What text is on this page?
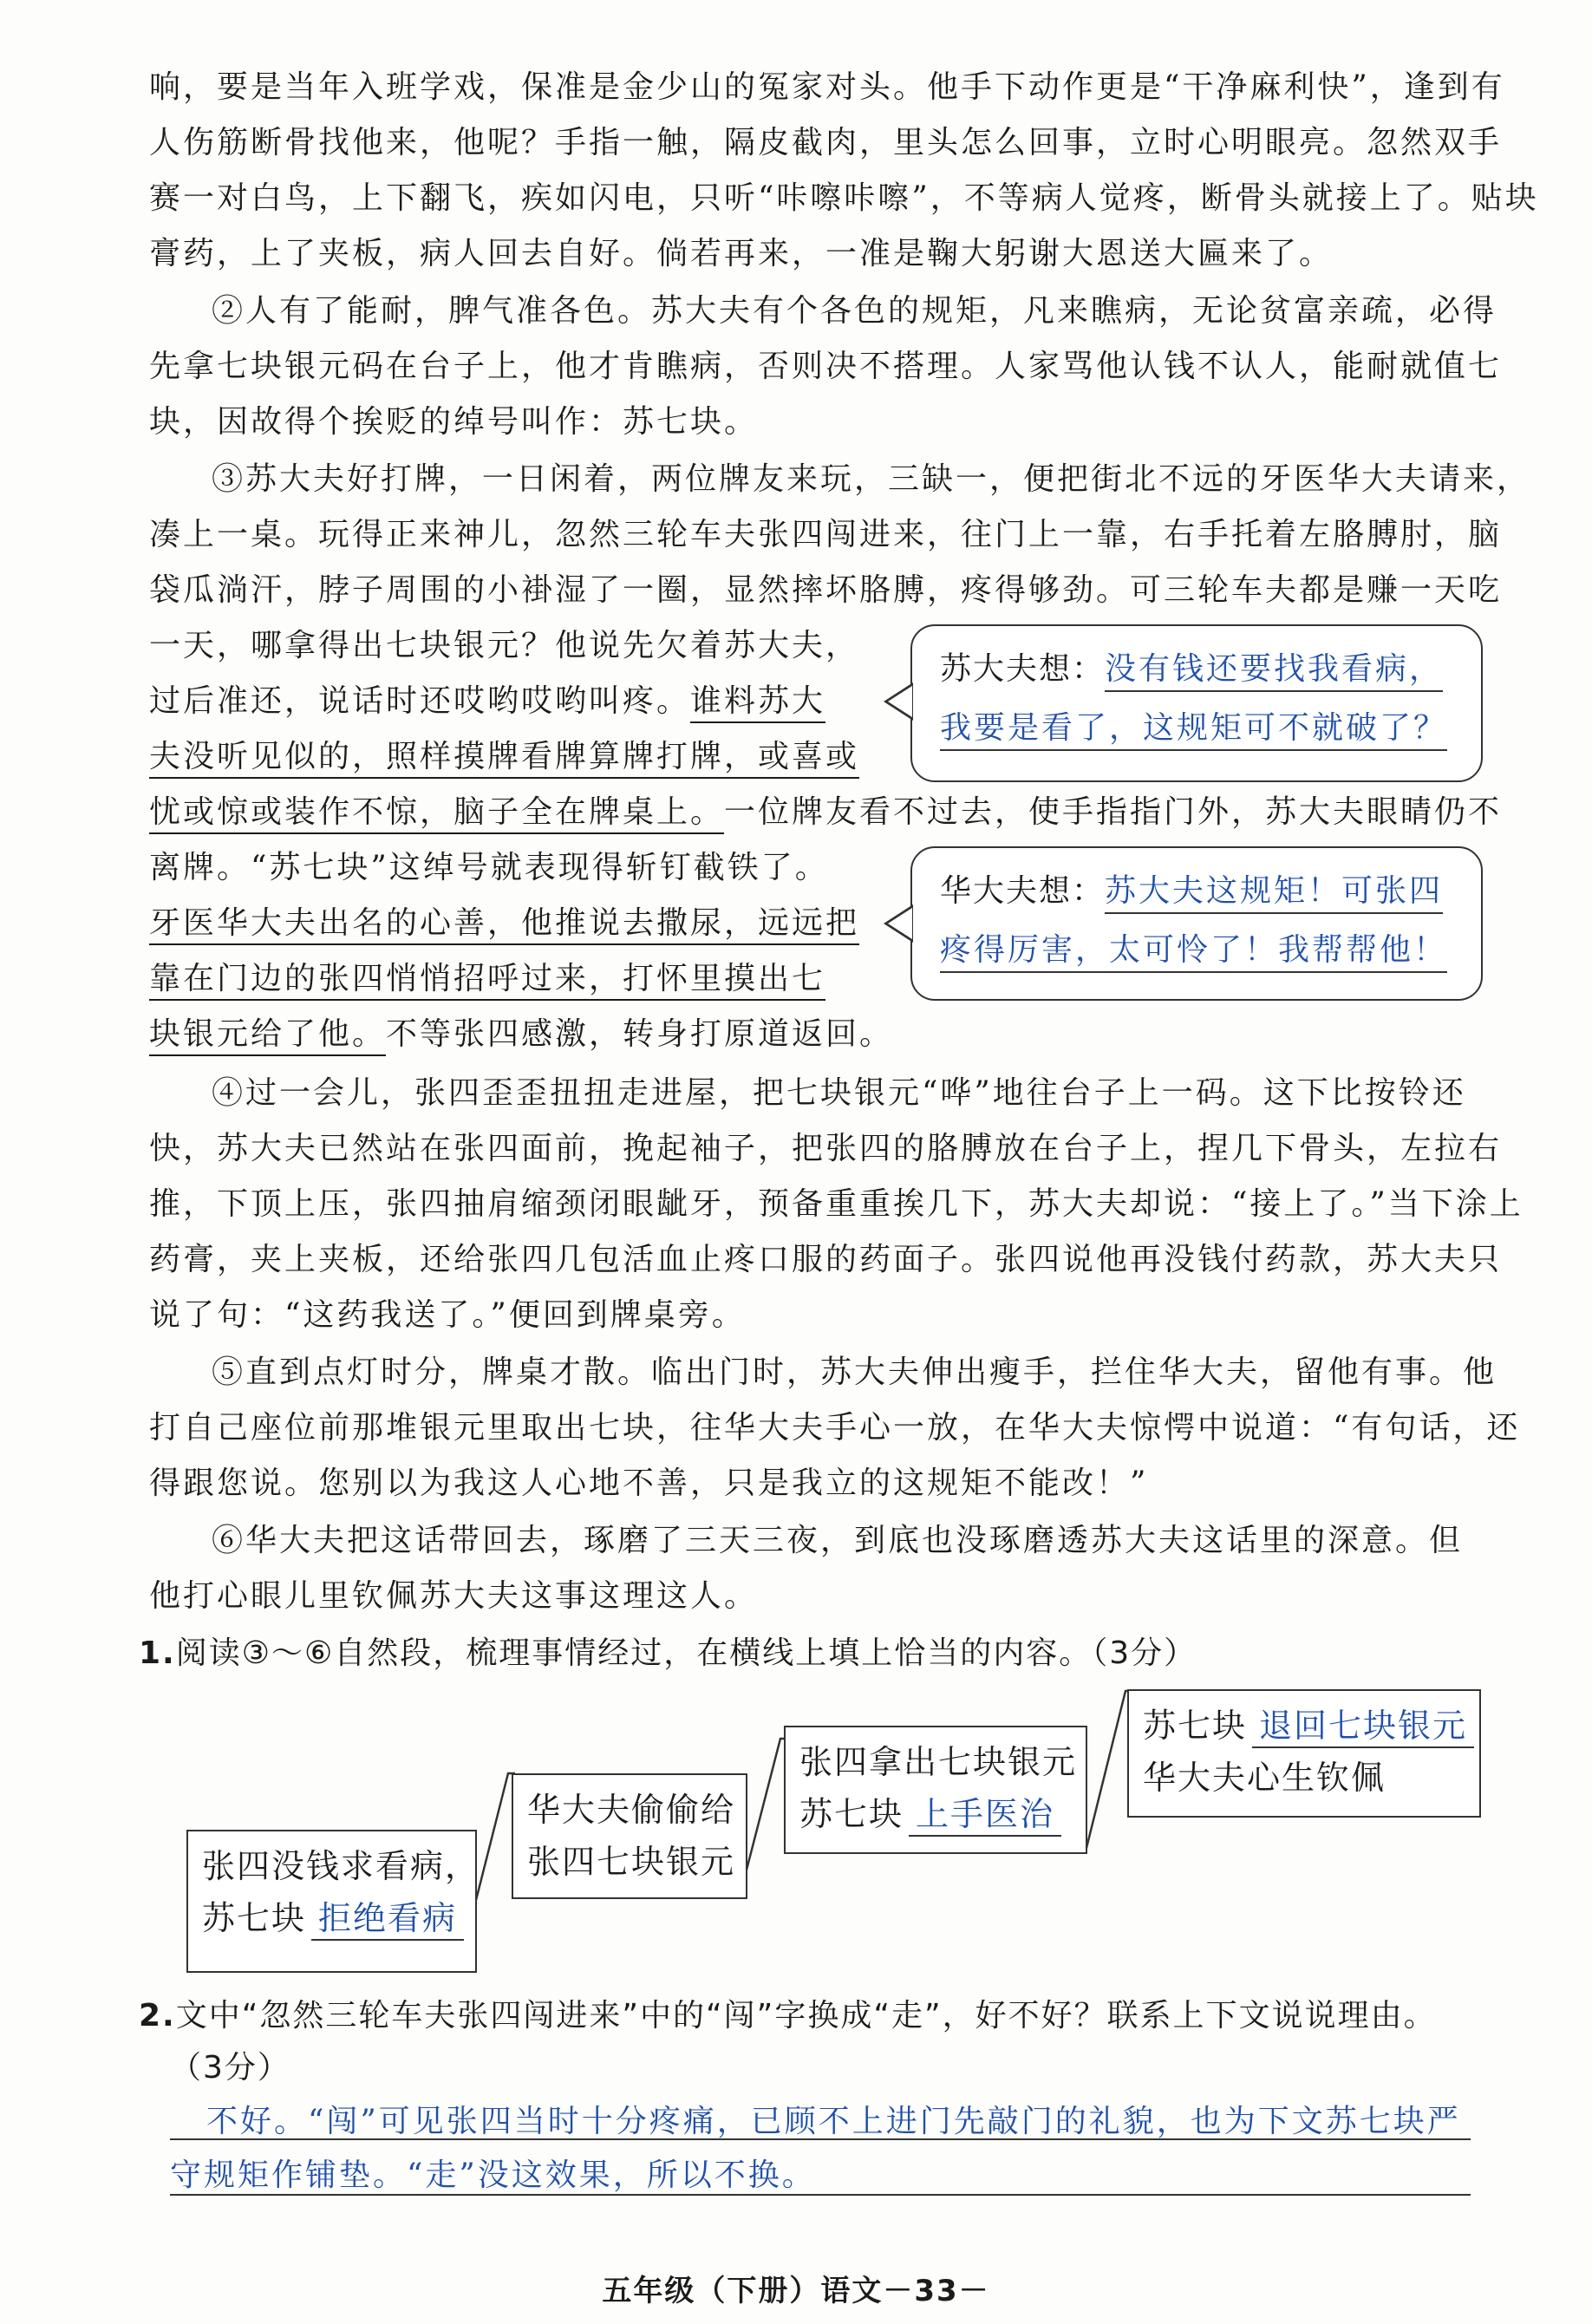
响，要是当年入班学戏，保准是金少山的冤家对头。他手下动作更是“干净麻利快”，逢到有
人伤筋断骨找他来，他呢？手指一触，隔皮截肉，里头怎么回事，立时心明眼亮。忽然双手
赛一对白鸟，上下翻飞，疾如闪电，只听“咔嚓咔嚓”，不等病人觉疼，断骨头就接上了。贴块
膏药，上了夹板，病人回去自好。倘若再来，一准是鞠大躬谢大恩送大匾来了。
②人有了能耐，脾气准各色。苏大夫有个各色的规矩，凡来瞧病，无论贫富亲疏，必得
先拿七块银元码在台子上，他才肯瞧病，否则决不搭理。人家骂他认钱不认人，能耐就值七
块，因故得个挨贬的绰号叫作：苏七块。
③苏大夫好打牌，一日闲着，两位牌友来玩，三缺一，便把街北不远的牙医华大夫请来，
凑上一桌。玩得正来神儿，忽然三轮车夫张四闯进来，往门上一靠，右手托着左胳膊肘，脑
袋瓜淌汗，脖子周围的小褂湿了一圈，显然摔坏胳膊，疼得够劲。可三轮车夫都是赚一天吃
一天，哪拿得出七块银元？他说先欠着苏大夫，
过后准还，说话时还哎哟哎哟叫疼。谁料苏大
夫没听见似的，照样摸牌看牌算牌打牌，或喜或
忧或惊或装作不惊，脑子全在牌桌上。一位牌友看不过去，使手指指门外，苏大夫眼睛仍不
离牌。“苏七块”这绰号就表现得斩钉截铁了。
牙医华大夫出名的心善，他推说去撒尿，远远把
靠在门边的张四悄悄招呼过来，打怀里摸出七
块银元给了他。不等张四感激，转身打原道返回。
苏大夫想：没有钱还要找我看病，
我要是看了，这规矩可不就破了？
华大夫想：苏大夫这规矩！可张四
疼得厉害，太可怜了！我帮帮他！
④过一会儿，张四歪歪扭扭走进屋，把七块银元“哗”地往台子上一码。这下比按铃还
快，苏大夫已然站在张四面前，挽起袖子，把张四的胳膊放在台子上，捏几下骨头，左拉右
推，下顶上压，张四抽肩缩颈闭眼龇牙，预备重重挨几下，苏大夫却说：“接上了。”当下涂上
药膏，夹上夹板，还给张四几包活血止疼口服的药面子。张四说他再没钱付药款，苏大夫只
说了句：“这药我送了。”便回到牌桌旁。
⑤直到点灯时分，牌桌才散。临出门时，苏大夫伸出瘦手，拦住华大夫，留他有事。他
打自己座位前那堆银元里取出七块，往华大夫手心一放，在华大夫惊愕中说道：“有句话，还
得跟您说。您别以为我这人心地不善，只是我立的这规矩不能改！”
⑥华大夫把这话带回去，琢磨了三天三夜，到底也没琢磨透苏大夫这话里的深意。但
他打心眼儿里钦佩苏大夫这事这理这人。
1.阅读③～⑥自然段，梳理事情经过，在横线上填上恰当的内容。（3分）
张四没钱求看病，
苏七块 拒绝看病
华大夫偷偷给
张四七块银元
张四拿出七块银元
苏七块 上手医治
苏七块 退回七块银元
华大夫心生钦佩
2.文中“忽然三轮车夫张四闯进来”中的“闯”字换成“走”，好不好？联系上下文说说理由。
（3分）
不好。“闯”可见张四当时十分疼痛，已顾不上进门先敲门的礼貌，也为下文苏七块严
守规矩作铺垫。“走”没这效果，所以不换。
五年级（下册）语文－33－
